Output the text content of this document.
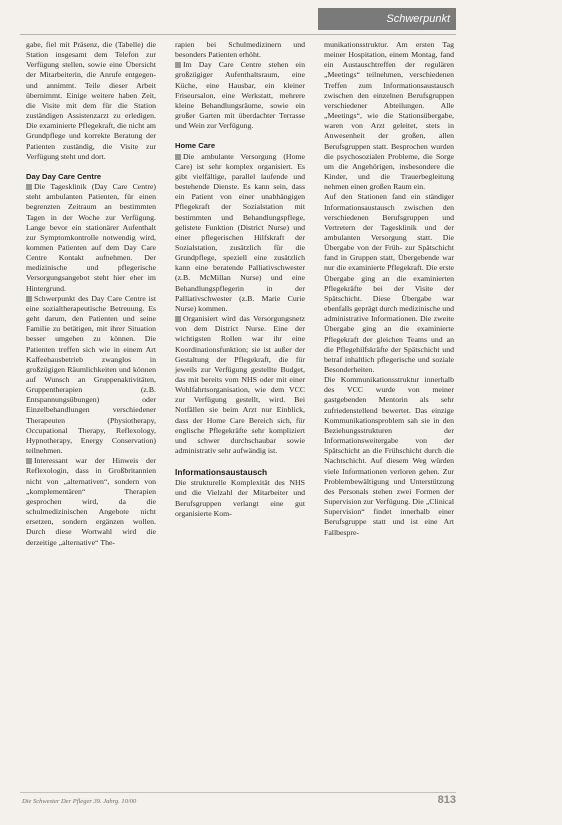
Schwerpunkt

gabe, fiel mit Präsenz, die (Tabelle) die Station insgesamt dem Telefon zur Verfügung stellen, sowie eine Übersicht der Mitarbeiterin, die Anrufe entgegen- und annimmt. Teile dieser Arbeit übernimmt. Einige weitere haben Zeit, die Visite mit dem für die Station zuständigen Assistenzarzt zu erledigen. Die examinierte Pflegekraft, die nicht am Grundpflege und korrekte Beratung der Patienten zuständig, die Visite zur Verfügung steht und dort.

Day Day Care Centre

Die Tagesklinik (Day Care Centre) steht ambulanten Patienten, für einen begrenzten Zeitraum an bestimmten Tagen in der Woche zur Verfügung. Lange bevor ein stationärer Aufenthalt zur Symptomkontrolle notwendig wird, kommen Patienten auf dem Day Care Centre Kontakt aufnehmen. Der medizinische und pflegerische Versorgungsangebot steht hier eher im Hintergrund.

Schwerpunkt des Day Care Centre ist eine sozialtherapeutische Betreuung. Es geht darum, den Patienten und seine Familie zu betätigen, mit ihrer Situation besser umgehen zu können. Die Patienten treffen sich wie in einem Art Kaffeehausbetrieb zwanglos in großzügigen Räumlichkeiten und können auf Wunsch an Gruppenaktivitäten, Gruppentherapien (z.B. Entspannungsübungen) oder Einzelbehandlungen verschiedener Therapeuten (Physiotherapy, Occupational Therapy, Reflexology, Hypnotherapy, Energy Conservation) teilnehmen.

Interessant war der Hinweis der Reflexologin, dass in Großbritannien nicht von „alternativen“, sondern von „komplementären“ Therapien gesprochen wird, da die schulmedizinischen Angebote nicht ersetzen, sondern ergänzen wollen. Durch diese Wortwahl wird die derzeitige „alternative“ The-

rapien bei Schulmedizinern und besonders Patienten erhöht.

Im Day Care Centre stehen ein großzügiger Aufenthaltsraum, eine Küche, eine Hausbar, ein kleiner Friseursalon, eine Werkstatt, mehrere kleine Behandlungsräume, sowie ein großer Garten mit überdachter Terrasse und Wein zur Verfügung.

Home Care

Die ambulante Versorgung (Home Care) ist sehr komplex organisiert. Es gibt vielfältige, parallel laufende und bestehende Dienste. Es kann sein, dass ein Patient von einer unabhängigen Pflegekraft der Sozialstation mit bestimmten und Behandlungspflege, gelistete Funktion (District Nurse) und einer pflegerischen Hilfskraft der Sozialstation, zusätzlich für die Grundpflege, speziell eine zusätzlich kann eine beratende Palliativschwester (z.B. McMillan Nurse) und eine Behandlungspflegerin in der Palliativschwester (z.B. Marie Curie Nurse) kommen.

Organisiert wird das Versorgungsnetz von dem District Nurse. Eine der wichtigsten Rollen war ihr eine Koordinationsfunktion; sie ist außer der Gestaltung der Pflegekraft, die für jeweils zur Verfügung gestellte Budget, das mit bereits vom NHS oder mit einer Wohlfahrtsorganisation, wie dem VCC zur Verfügung gestellt, wird. Bei Notfällen sie beim Arzt nur Einblick, dass der Home Care Bereich sich, für englische Pflegekräfte sehr kompliziert und schwer durchschaubar sowie administrativ sehr aufwändig ist.

Informationsaustausch

Die strukturelle Komplexität des NHS und die Vielzahl der Mitarbeiter und Berufsgruppen verlangt eine gut organisierte Kom-

munikationsstruktur. Am ersten Tag meiner Hospitation, einem Montag, fand ein Austauschtreffen der regulären „Meetings“ teilnehmen, verschiedenen Treffen zum Informationsaustausch zwischen den einzelnen Berufsgruppen verschiedener Abteilungen. Alle „Meetings“, wie die Stationsübergabe, waren von Arzt geleitet, stets in Anwesenheit der großen, allen Berufsgruppen statt. Besprochen wurden die psychosozialen Probleme, die Sorge um die Angehörigen, insbesondere die Kinder, und die Trauerbegleitung nehmen einen großen Raum ein.

Auf den Stationen fand ein ständiger Informationsaustausch zwischen den verschiedenen Berufsgruppen und Vertretern der Tagesklinik und der ambulanten Versorgung statt. Die Übergabe von der Früh- zur Spätschicht fand in Gruppen statt, Übergebende war nur die examinierte Pflegekraft. Die erste Übergabe ging an die examinierten Pflegekräfte bei der Visite der Spätschicht. Diese Übergabe war ebenfalls geprägt durch medizinische und administrative Informationen. Die zweite Übergabe ging an die examinierte Pflegekraft der gleichen Teams und an die Pflegehilfskräfte der Spätschicht und betraf inhaltlich pflegerische und soziale Besonderheiten.

Die Kommunikationsstruktur innerhalb des VCC wurde von meiner gastgebenden Mentorin als sehr zufriedenstellend bewertet. Das einzige Kommunikationsproblem sah sie in den Beziehungsstrukturen der Informationsweitergabe von der Spätschicht an die Frühschicht durch die Nachtschicht. Auf diesem Weg würden viele Informationen verloren gehen. Zur Problembewältigung und Unterstützung des Personals stehen zwei Formen der Supervision zur Verfügung. Die „Clinical Supervision“ findet innerhalb einer Berufsgruppe statt und ist eine Art Fallbespre-

Die Schwester Der Pfleger 39. Jahrg. 10/00	813
